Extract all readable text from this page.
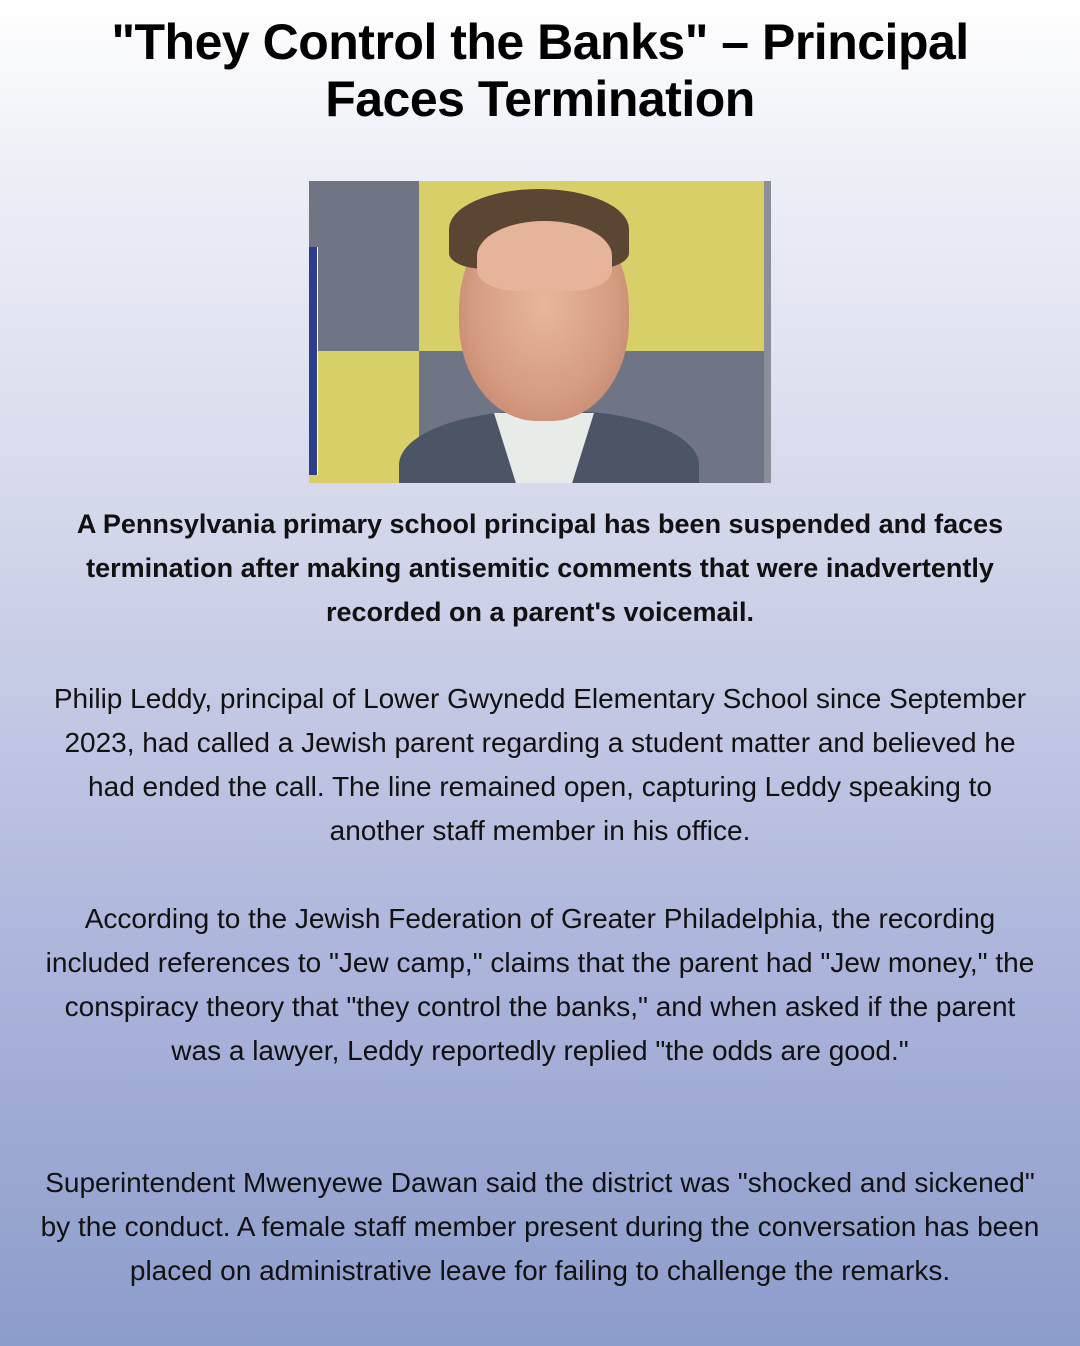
"They Control the Banks" – Principal Faces Termination

A Pennsylvania primary school principal has been suspended and faces termination after making antisemitic comments that were inadvertently recorded on a parent's voicemail.

Philip Leddy, principal of Lower Gwynedd Elementary School since September 2023, had called a Jewish parent regarding a student matter and believed he had ended the call. The line remained open, capturing Leddy speaking to another staff member in his office.

According to the Jewish Federation of Greater Philadelphia, the recording included references to "Jew camp," claims that the parent had "Jew money," the conspiracy theory that "they control the banks," and when asked if the parent was a lawyer, Leddy reportedly replied "the odds are good."

Superintendent Mwenyewe Dawan said the district was "shocked and sickened" by the conduct. A female staff member present during the conversation has been placed on administrative leave for failing to challenge the remarks.
